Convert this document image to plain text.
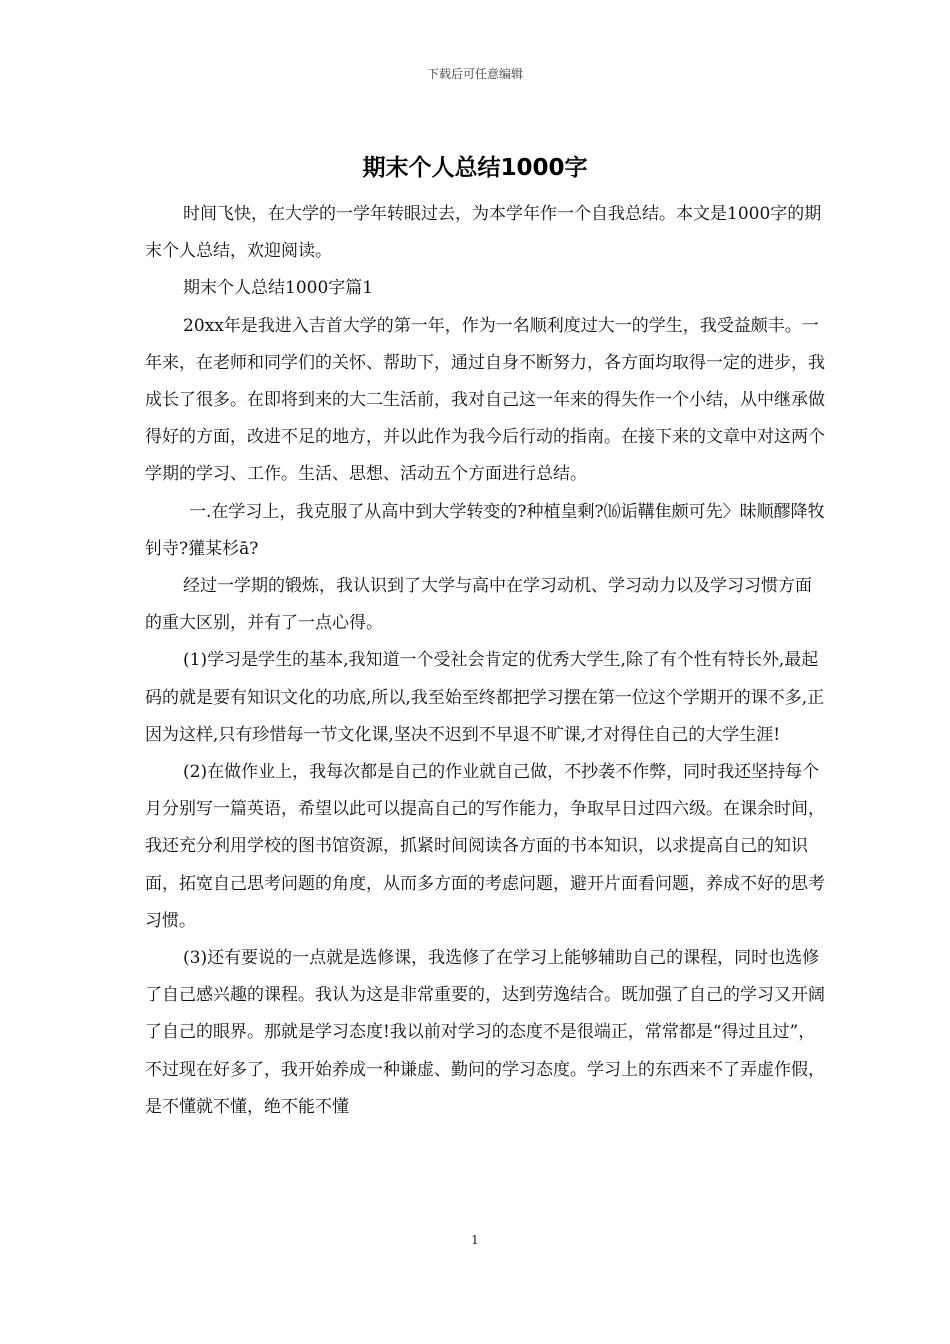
下载后可任意编辑
期末个人总结1000字

时间飞快，在大学的一学年转眼过去，为本学年作一个自我总结。本文是1000字的期末个人总结，欢迎阅读。

期末个人总结1000字篇1

20xx年是我进入吉首大学的第一年，作为一名顺利度过大一的学生，我受益颇丰。一年来，在老师和同学们的关怀、帮助下，通过自身不断努力，各方面均取得一定的进步，我成长了很多。在即将到来的大二生活前，我对自己这一年来的得失作一个小结，从中继承做得好的方面，改进不足的地方，并以此作为我今后行动的指南。在接下来的文章中对这两个学期的学习、工作。生活、思想、活动五个方面进行总结。

一.在学习上，我克服了从高中到大学转变的?种植皇剩?⒃诟鞲隹颇可先〉昧顺醪降牧钊寺?獾某杉ā?

经过一学期的锻炼，我认识到了大学与高中在学习动机、学习动力以及学习习惯方面的重大区别，并有了一点心得。

(1)学习是学生的基本,我知道一个受社会肯定的优秀大学生,除了有个性有特长外,最起码的就是要有知识文化的功底,所以,我至始至终都把学习摆在第一位这个学期开的课不多,正因为这样,只有珍惜每一节文化课,坚决不迟到不早退不旷课,才对得住自己的大学生涯!

(2)在做作业上，我每次都是自己的作业就自己做，不抄袭不作弊，同时我还坚持每个月分别写一篇英语，希望以此可以提高自己的写作能力，争取早日过四六级。在课余时间，我还充分利用学校的图书馆资源，抓紧时间阅读各方面的书本知识，以求提高自己的知识面，拓宽自己思考问题的角度，从而多方面的考虑问题，避开片面看问题，养成不好的思考习惯。

(3)还有要说的一点就是选修课，我选修了在学习上能够辅助自己的课程，同时也选修了自己感兴趣的课程。我认为这是非常重要的，达到劳逸结合。既加强了自己的学习又开阔了自己的眼界。那就是学习态度!我以前对学习的态度不是很端正，常常都是“得过且过”，不过现在好多了，我开始养成一种谦虚、勤问的学习态度。学习上的东西来不了弄虚作假，是不懂就不懂，绝不能不懂

1
